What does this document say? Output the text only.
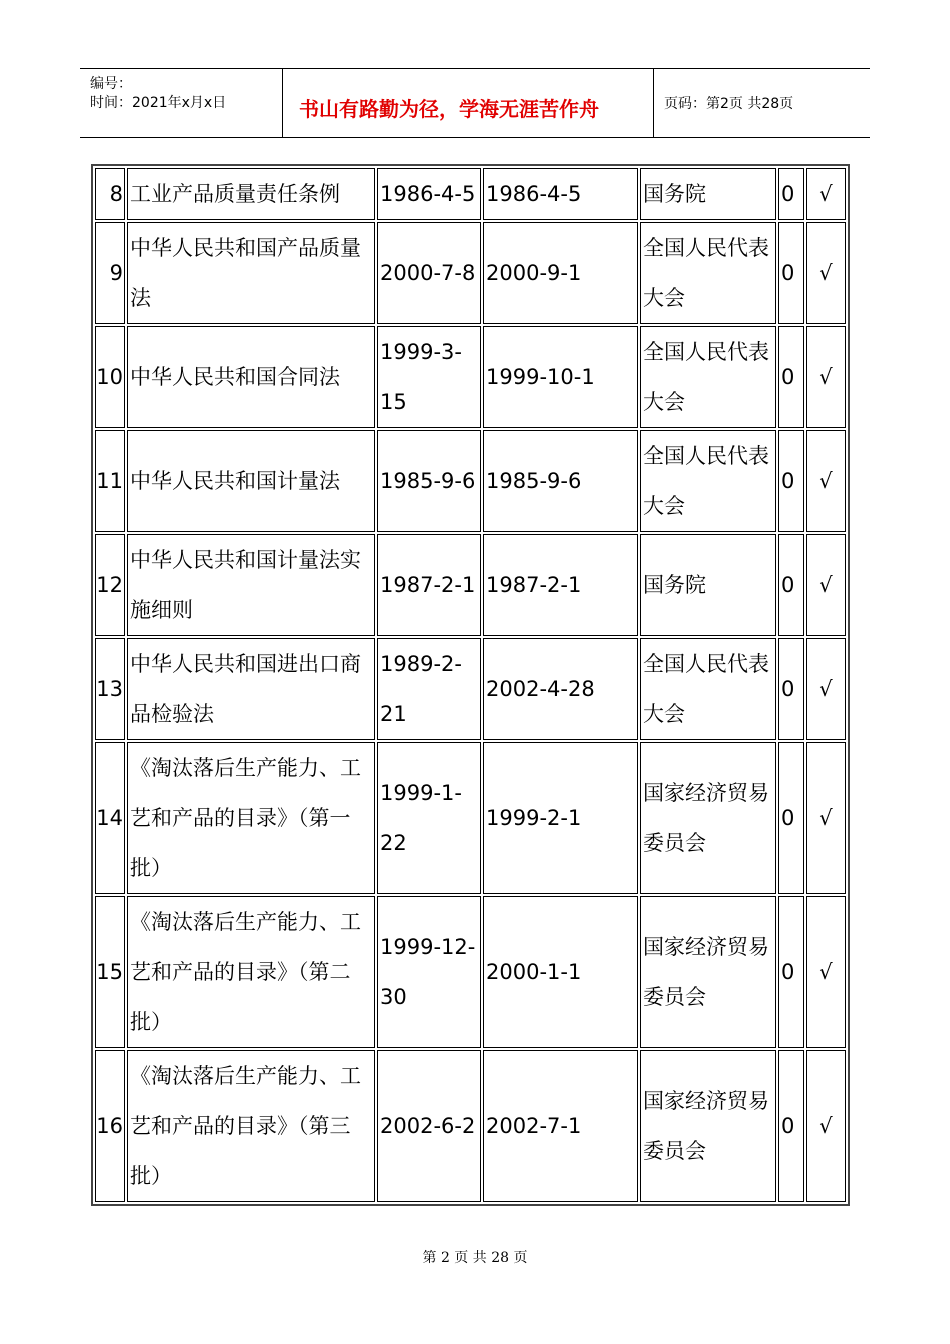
编号：
时间：2021年x月x日	书山有路勤为径，学海无涯苦作舟	页码：第2页 共28页
8	工业产品质量责任条例	1986-4-5	1986-4-5	国务院	0	√
9	中华人民共和国产品质量法	2000-7-8	2000-9-1	全国人民代表大会	0	√
10	中华人民共和国合同法	1999-3-15	1999-10-1	全国人民代表大会	0	√
11	中华人民共和国计量法	1985-9-6	1985-9-6	全国人民代表大会	0	√
12	中华人民共和国计量法实施细则	1987-2-1	1987-2-1	国务院	0	√
13	中华人民共和国进出口商品检验法	1989-2-21	2002-4-28	全国人民代表大会	0	√
14	《淘汰落后生产能力、工艺和产品的目录》（第一批）	1999-1-22	1999-2-1	国家经济贸易委员会	0	√
15	《淘汰落后生产能力、工艺和产品的目录》（第二批）	1999-12-30	2000-1-1	国家经济贸易委员会	0	√
16	《淘汰落后生产能力、工艺和产品的目录》（第三批）	2002-6-2	2002-7-1	国家经济贸易委员会	0	√
第 2 页 共 28 页
